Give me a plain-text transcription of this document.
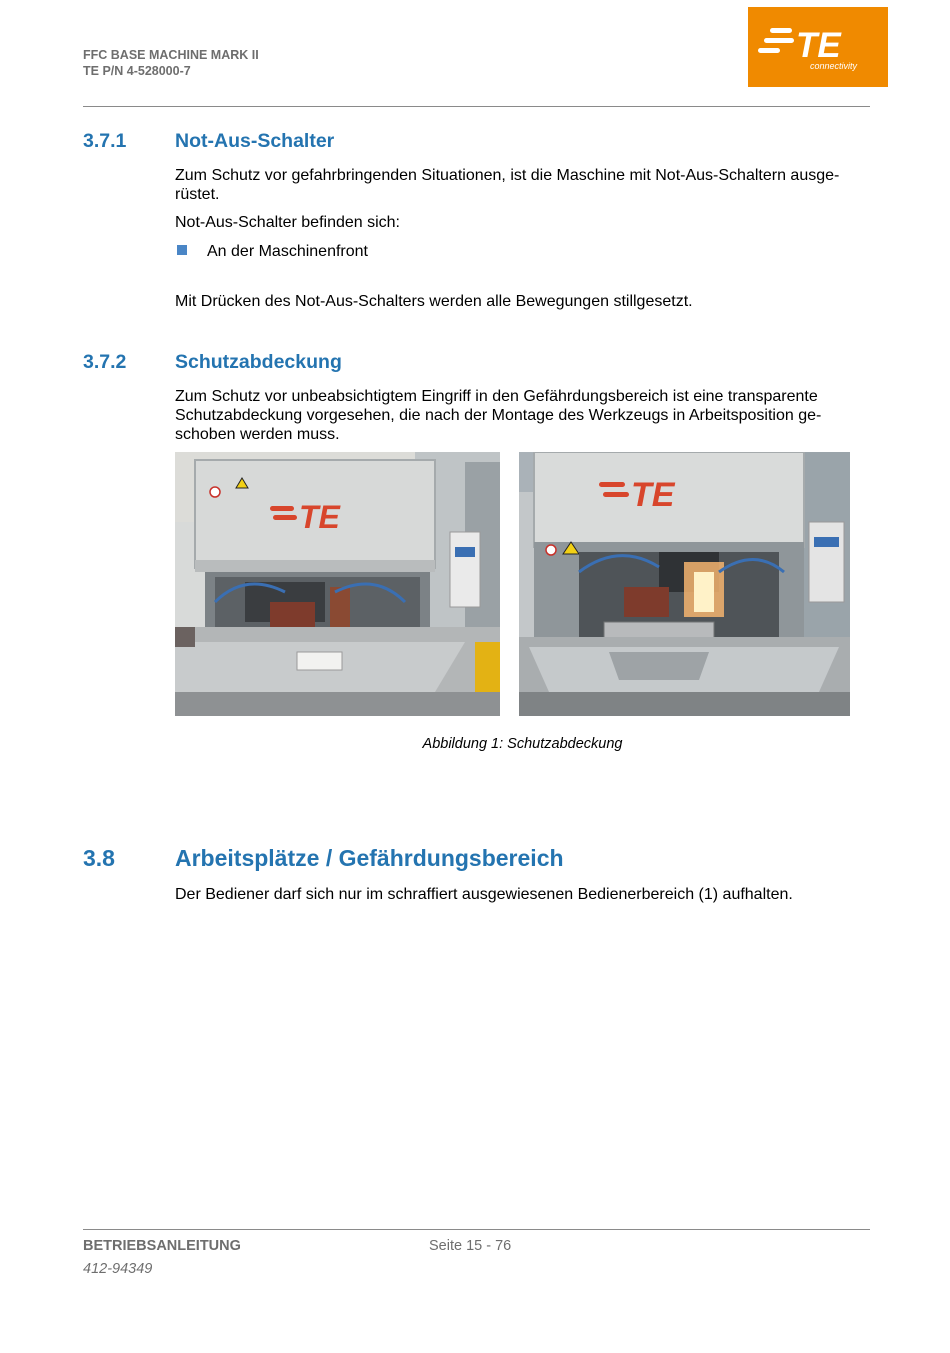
FFC BASE MACHINE MARK II
TE P/N 4-528000-7
TE
connectivity
3.7.1 Not-Aus-Schalter
Zum Schutz vor gefahrbringenden Situationen, ist die Maschine mit Not-Aus-Schaltern ausge-
rüstet.
Not-Aus-Schalter befinden sich:
An der Maschinenfront
Mit Drücken des Not-Aus-Schalters werden alle Bewegungen stillgesetzt.
3.7.2 Schutzabdeckung
Zum Schutz vor unbeabsichtigtem Eingriff in den Gefährdungsbereich ist eine transparente
Schutzabdeckung vorgesehen, die nach der Montage des Werkzeugs in Arbeitsposition ge-
schoben werden muss.
TE
TE
Abbildung 1: Schutzabdeckung
3.8	Arbeitsplätze / Gefährdungsbereich
Der Bediener darf sich nur im schraffiert ausgewiesenen Bedienerbereich (1) aufhalten.
BETRIEBSANLEITUNG
412-94349
Seite 15 - 76
